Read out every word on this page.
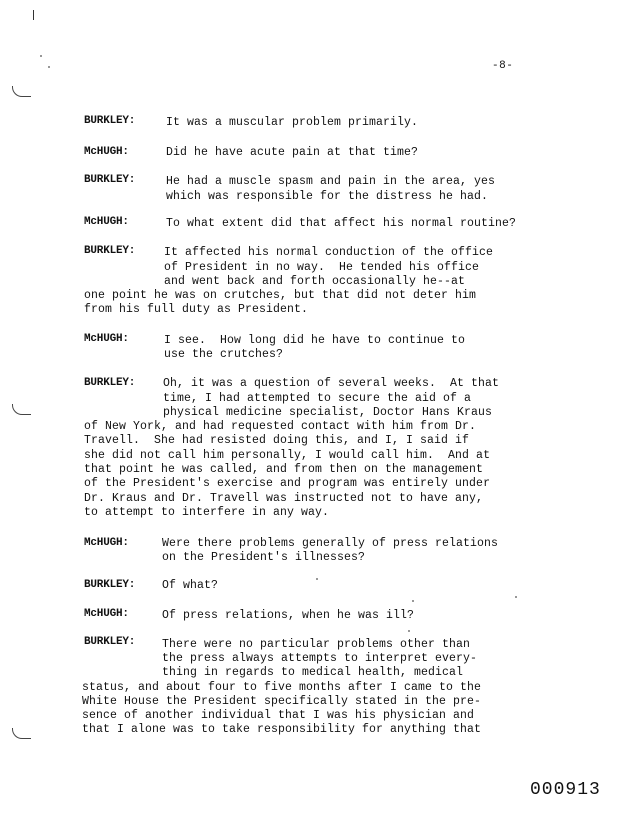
-8-
BURKLEY:	It was a muscular problem primarily.
McHUGH:	Did he have acute pain at that time?
BURKLEY:	He had a muscle spasm and pain in the area, yes
which was responsible for the distress he had.
McHUGH:	To what extent did that affect his normal routine?
BURKLEY:	It affected his normal conduction of the office
of President in no way.  He tended his office
and went back and forth occasionally he--at
one point he was on crutches, but that did not deter him
from his full duty as President.
McHUGH:	I see.  How long did he have to continue to
use the crutches?
BURKLEY: Oh, it was a question of several weeks.  At that
time, I had attempted to secure the aid of a
physical medicine specialist, Doctor Hans Kraus
of New York, and had requested contact with him from Dr.
Travell.  She had resisted doing this, and I, I said if
she did not call him personally, I would call him.  And at
that point he was called, and from then on the management
of the President's exercise and program was entirely under
Dr. Kraus and Dr. Travell was instructed not to have any,
to attempt to interfere in any way.
McHUGH:	Were there problems generally of press relations
on the President's illnesses?
BURKLEY: Of what?
McHUGH:	Of press relations, when he was ill?
BURKLEY: There were no particular problems other than
the press always attempts to interpret every-
thing in regards to medical health, medical
status, and about four to five months after I came to the
White House the President specifically stated in the pre-
sence of another individual that I was his physician and
that I alone was to take responsibility for anything that
000913
